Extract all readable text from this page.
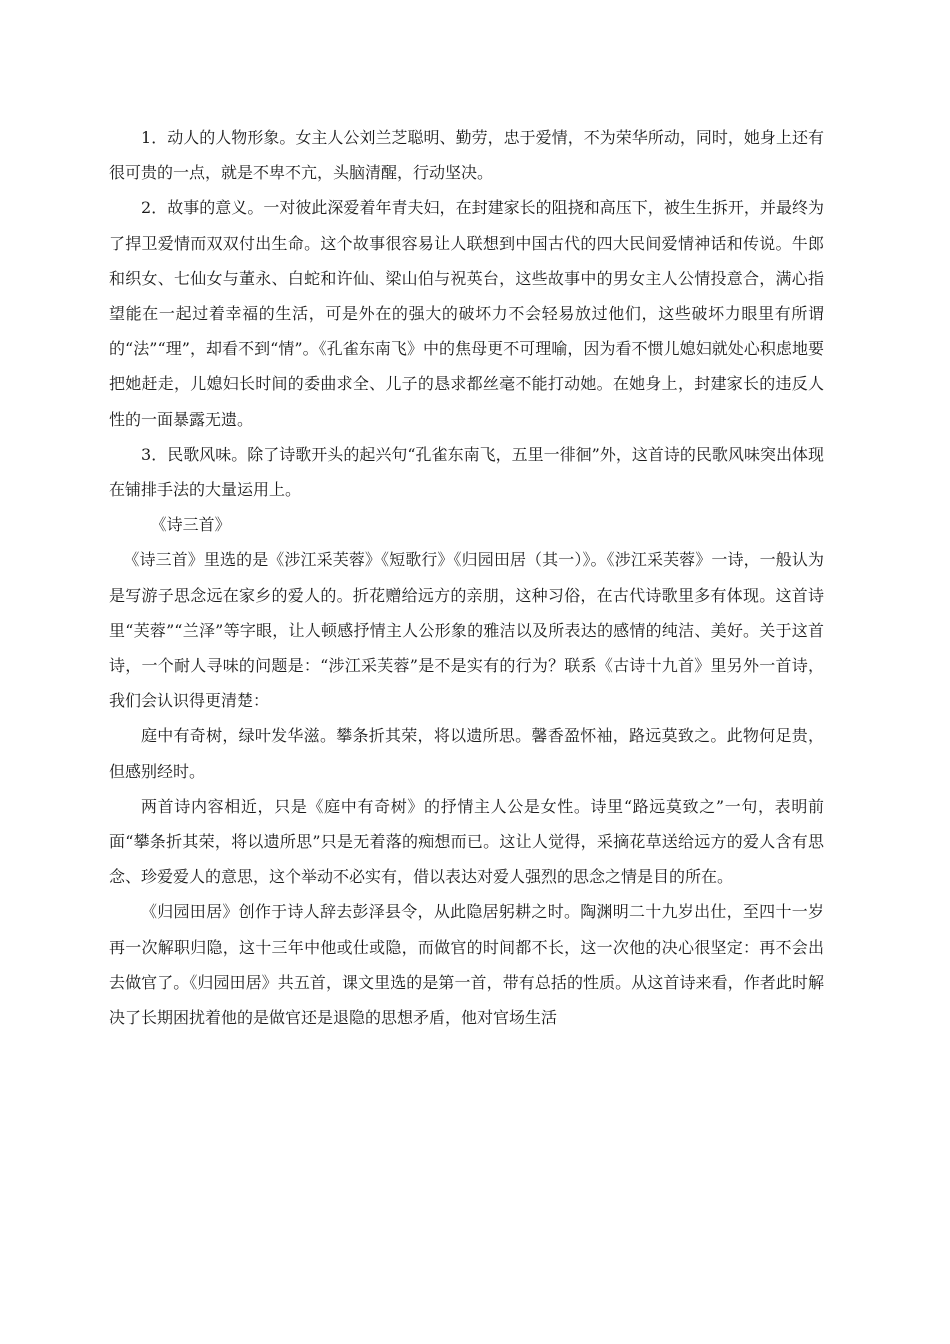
1．动人的人物形象。女主人公刘兰芝聪明、勤劳，忠于爱情，不为荣华所动，同时，她身上还有很可贵的一点，就是不卑不亢，头脑清醒，行动坚决。

2．故事的意义。一对彼此深爱着年青夫妇，在封建家长的阻挠和高压下，被生生拆开，并最终为了捍卫爱情而双双付出生命。这个故事很容易让人联想到中国古代的四大民间爱情神话和传说。牛郎和织女、七仙女与董永、白蛇和许仙、梁山伯与祝英台，这些故事中的男女主人公情投意合，满心指望能在一起过着幸福的生活，可是外在的强大的破坏力不会轻易放过他们，这些破坏力眼里有所谓的“法”“理”，却看不到“情”。《孔雀东南飞》中的焦母更不可理喻，因为看不惯儿媳妇就处心积虑地要把她赶走，儿媳妇长时间的委曲求全、儿子的恳求都丝毫不能打动她。在她身上，封建家长的违反人性的一面暴露无遗。

3．民歌风味。除了诗歌开头的起兴句“孔雀东南飞，五里一徘徊”外，这首诗的民歌风味突出体现在铺排手法的大量运用上。

《诗三首》

《诗三首》里选的是《涉江采芙蓉》《短歌行》《归园田居（其一）》。《涉江采芙蓉》一诗，一般认为是写游子思念远在家乡的爱人的。折花赠给远方的亲朋，这种习俗，在古代诗歌里多有体现。这首诗里“芙蓉”“兰泽”等字眼，让人顿感抒情主人公形象的雅洁以及所表达的感情的纯洁、美好。关于这首诗，一个耐人寻味的问题是：“涉江采芙蓉”是不是实有的行为？联系《古诗十九首》里另外一首诗，我们会认识得更清楚：

庭中有奇树，绿叶发华滋。攀条折其荣，将以遗所思。馨香盈怀袖，路远莫致之。此物何足贵，但感别经时。

两首诗内容相近，只是《庭中有奇树》的抒情主人公是女性。诗里“路远莫致之”一句，表明前面“攀条折其荣，将以遗所思”只是无着落的痴想而已。这让人觉得，采摘花草送给远方的爱人含有思念、珍爱爱人的意思，这个举动不必实有，借以表达对爱人强烈的思念之情是目的所在。

《归园田居》创作于诗人辞去彭泽县令，从此隐居躬耕之时。陶渊明二十九岁出仕，至四十一岁再一次解职归隐，这十三年中他或仕或隐，而做官的时间都不长，这一次他的决心很坚定：再不会出去做官了。《归园田居》共五首，课文里选的是第一首，带有总括的性质。从这首诗来看，作者此时解决了长期困扰着他的是做官还是退隐的思想矛盾，他对官场生活
